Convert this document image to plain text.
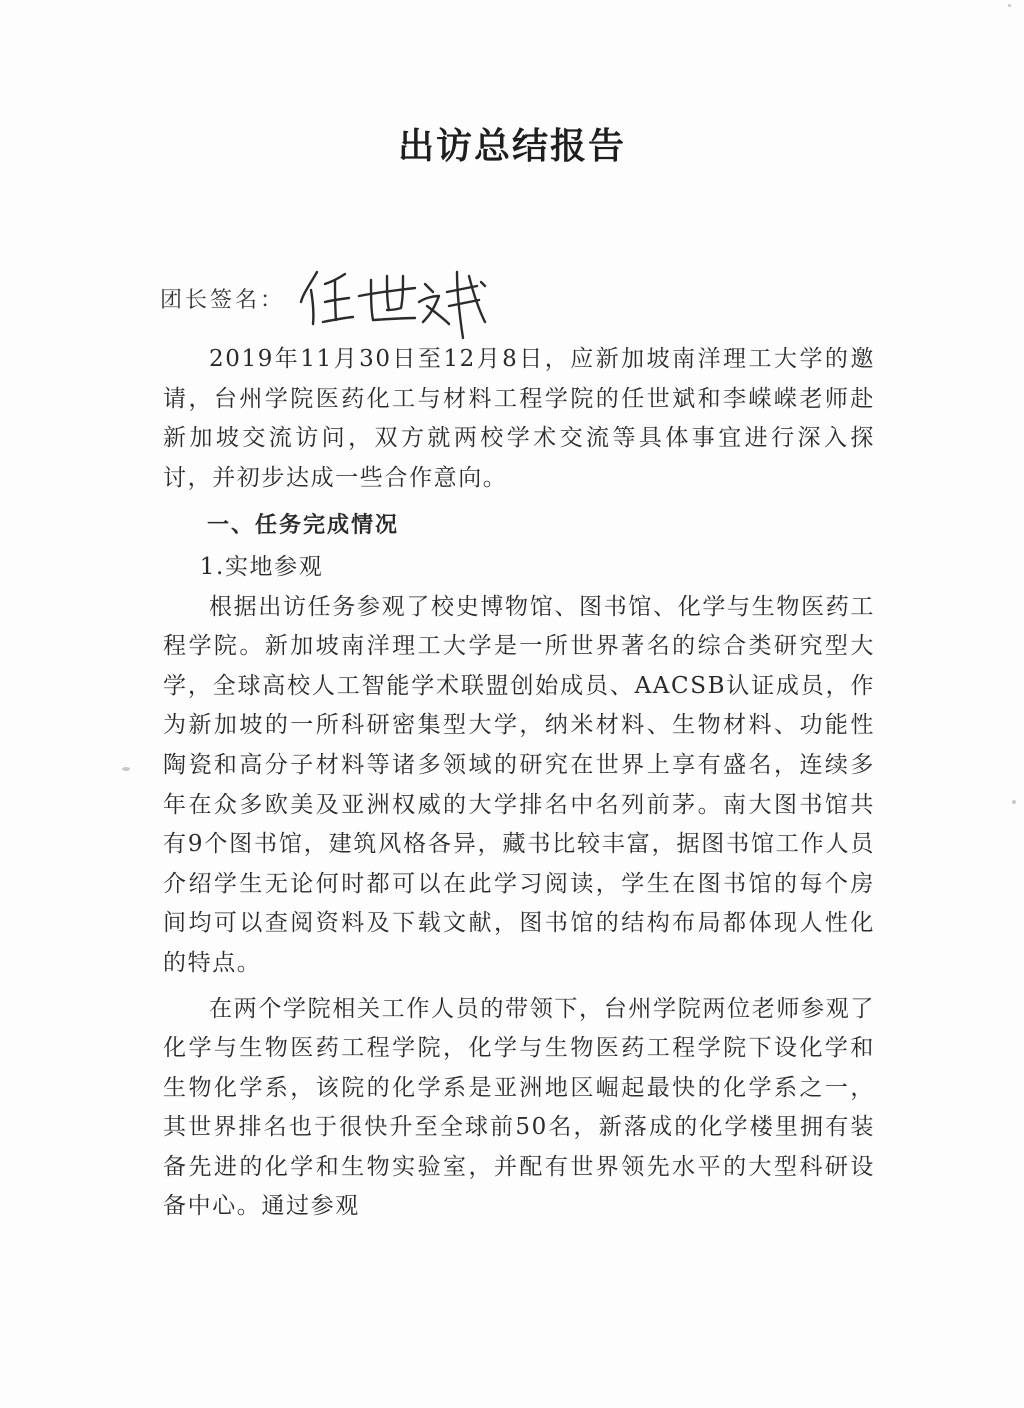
出访总结报告
团长签名：

2019年11月30日至12月8日，应新加坡南洋理工大学的邀请，台州学院医药化工与材料工程学院的任世斌和李嵘嵘老师赴新加坡交流访问，双方就两校学术交流等具体事宜进行深入探讨，并初步达成一些合作意向。

一、任务完成情况
1.实地参观

根据出访任务参观了校史博物馆、图书馆、化学与生物医药工程学院。新加坡南洋理工大学是一所世界著名的综合类研究型大学，全球高校人工智能学术联盟创始成员、AACSB认证成员，作为新加坡的一所科研密集型大学，纳米材料、生物材料、功能性陶瓷和高分子材料等诸多领域的研究在世界上享有盛名，连续多年在众多欧美及亚洲权威的大学排名中名列前茅。南大图书馆共有9个图书馆，建筑风格各异，藏书比较丰富，据图书馆工作人员介绍学生无论何时都可以在此学习阅读，学生在图书馆的每个房间均可以查阅资料及下载文献，图书馆的结构布局都体现人性化的特点。

在两个学院相关工作人员的带领下，台州学院两位老师参观了化学与生物医药工程学院，化学与生物医药工程学院下设化学和生物化学系，该院的化学系是亚洲地区崛起最快的化学系之一，其世界排名也于很快升至全球前50名，新落成的化学楼里拥有装备先进的化学和生物实验室，并配有世界领先水平的大型科研设备中心。通过参观
